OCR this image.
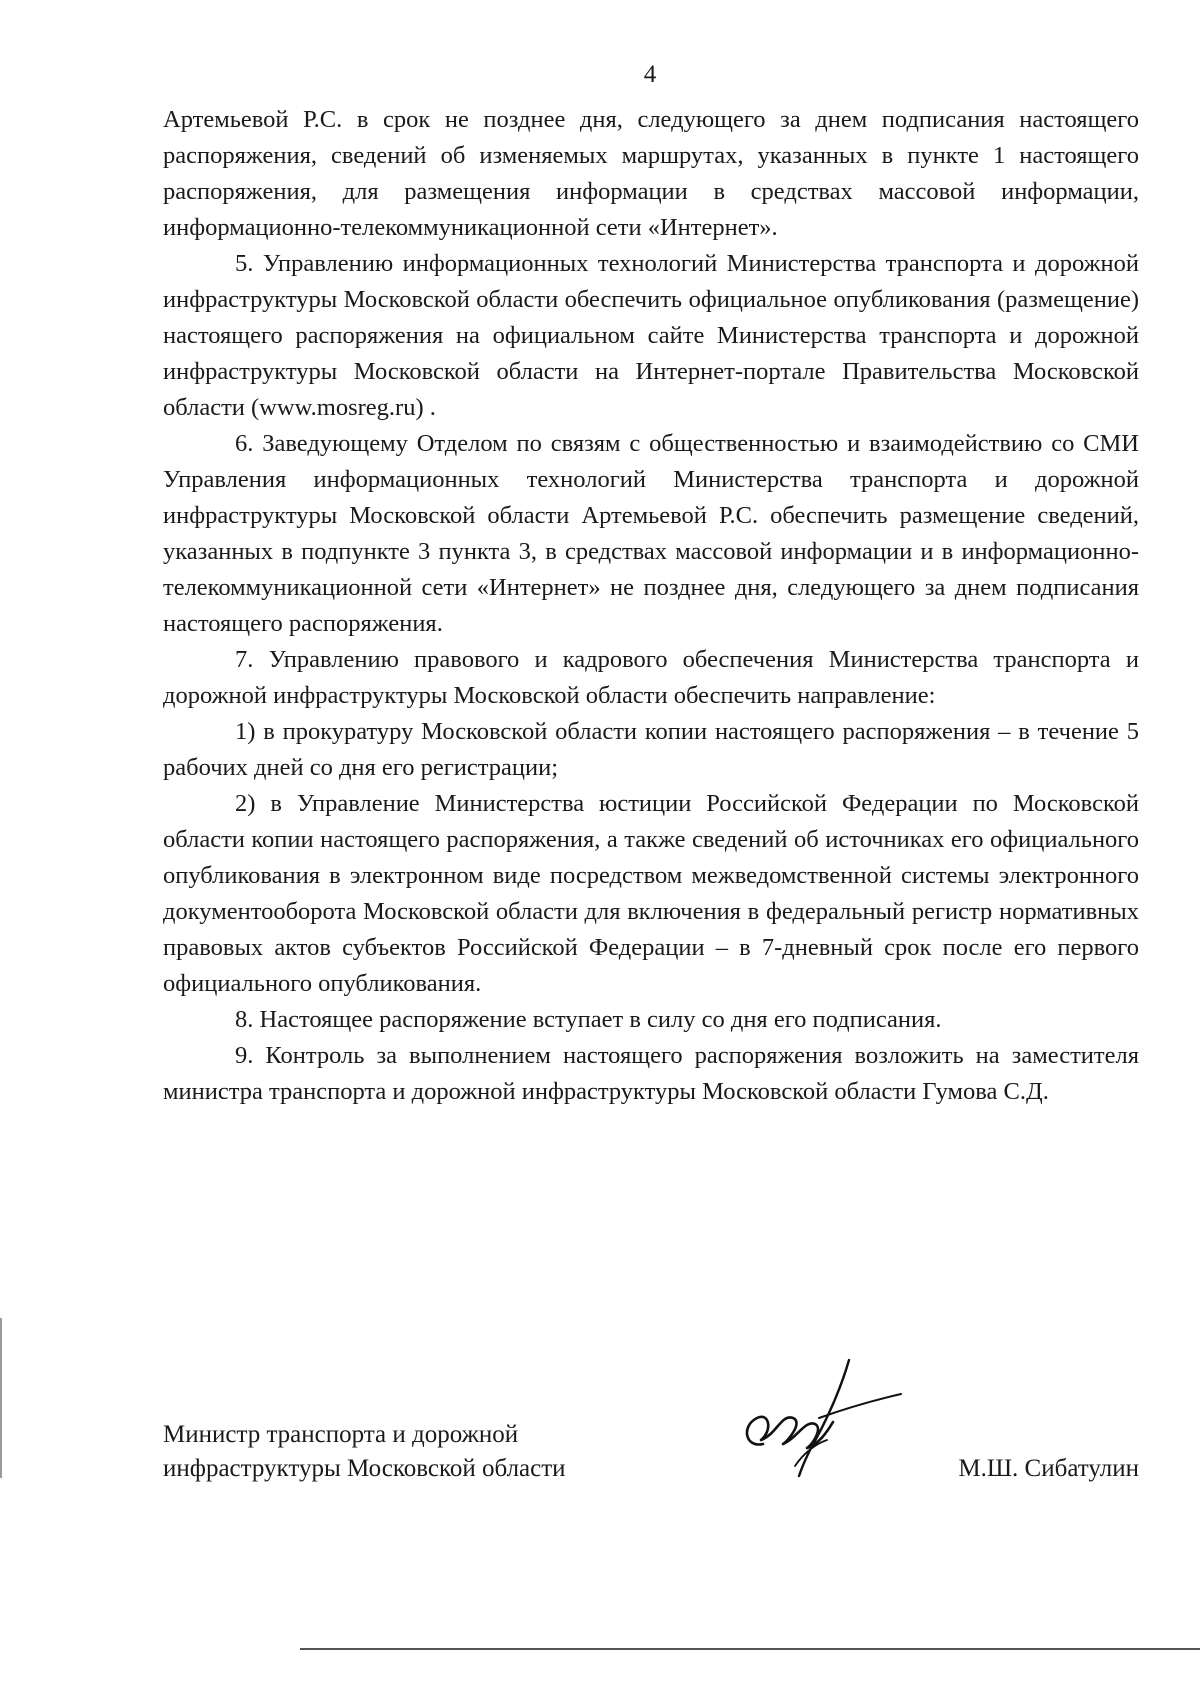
4

Артемьевой Р.С. в срок не позднее дня, следующего за днем подписания настоящего распоряжения, сведений об изменяемых маршрутах, указанных в пункте 1 настоящего распоряжения, для размещения информации в средствах массовой информации, информационно-телекоммуникационной сети «Интернет».

5. Управлению информационных технологий Министерства транспорта и дорожной инфраструктуры Московской области обеспечить официальное опубликования (размещение) настоящего распоряжения на официальном сайте Министерства транспорта и дорожной инфраструктуры Московской области на Интернет-портале Правительства Московской области (www.mosreg.ru) .

6. Заведующему Отделом по связям с общественностью и взаимодействию со СМИ Управления информационных технологий Министерства транспорта и дорожной инфраструктуры Московской области Артемьевой Р.С. обеспечить размещение сведений, указанных в подпункте 3 пункта 3, в средствах массовой информации и в информационно-телекоммуникационной сети «Интернет» не позднее дня, следующего за днем подписания настоящего распоряжения.

7. Управлению правового и кадрового обеспечения Министерства транспорта и дорожной инфраструктуры Московской области обеспечить направление:

1) в прокуратуру Московской области копии настоящего распоряжения – в течение 5 рабочих дней со дня его регистрации;

2) в Управление Министерства юстиции Российской Федерации по Московской области копии настоящего распоряжения, а также сведений об источниках его официального опубликования в электронном виде посредством межведомственной системы электронного документооборота Московской области для включения в федеральный регистр нормативных правовых актов субъектов Российской Федерации – в 7-дневный срок после его первого официального опубликования.

8. Настоящее распоряжение вступает в силу со дня его подписания.

9. Контроль за выполнением настоящего распоряжения возложить на заместителя министра транспорта и дорожной инфраструктуры Московской области Гумова С.Д.

Министр транспорта и дорожной
инфраструктуры Московской области	М.Ш. Сибатулин
